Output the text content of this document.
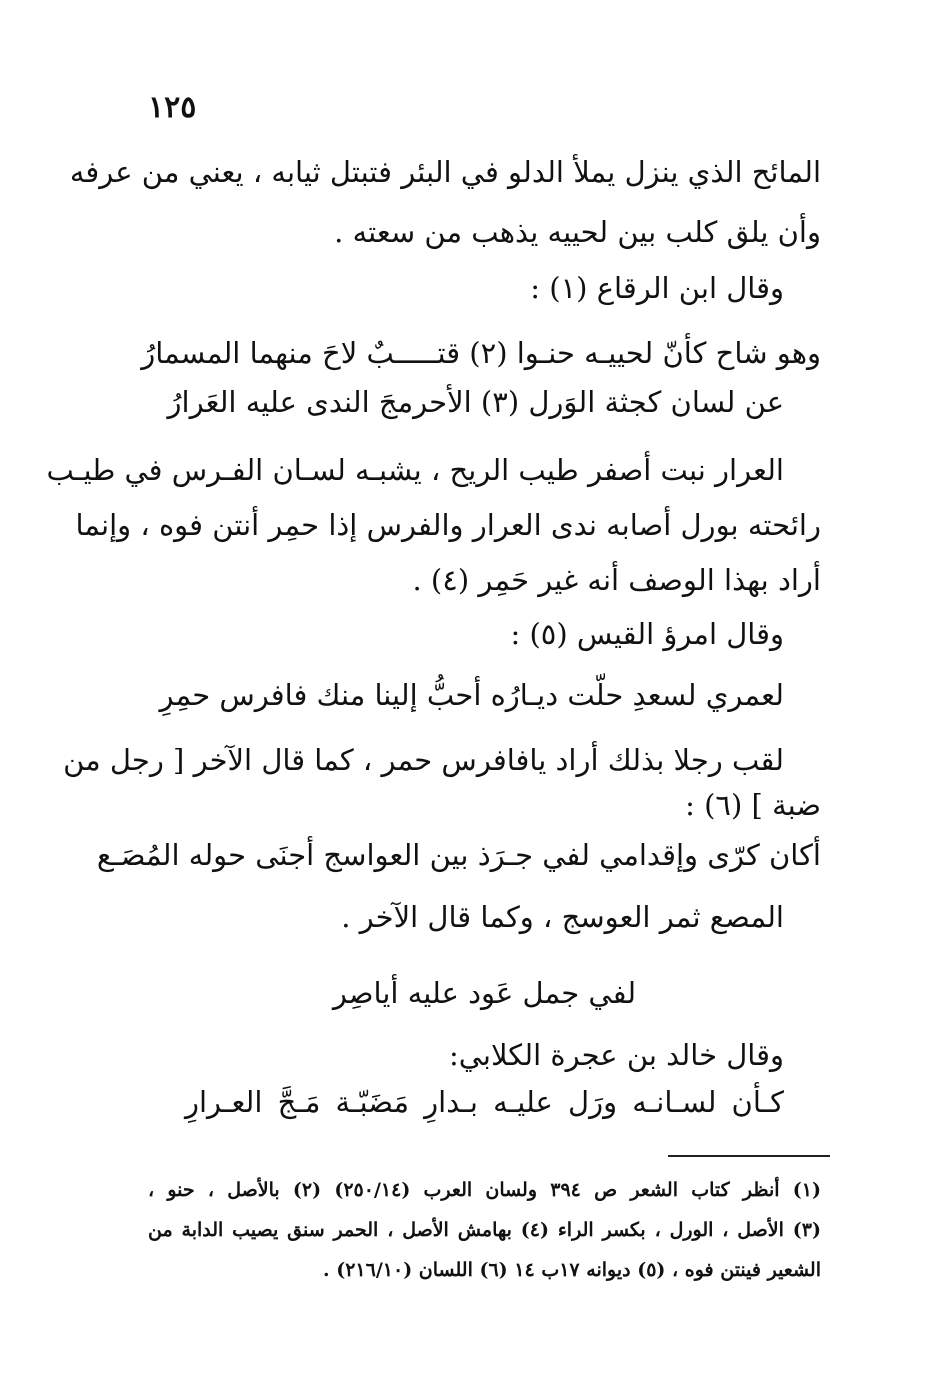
١٢٥
المائح الذي ينزل يملأ الدلو في البئر فتبتل ثيابه ، يعني من عرفه
وأن يلق كلب بين لحييه يذهب من سعته .
وقال ابن الرقاع (١) :
وهو شاح كأنّ لحييـه حنـوا (٢) قتـــــبٌ لاحَ منهما المسمارُ
عن لسان كجثة الوَرل (٣) الأحرمجَ الندى عليه العَرارُ
العرار نبت أصفر طيب الريح ، يشبـه لسـان الفـرس في طيـب
رائحته بورل أصابه ندى العرار والفرس إذا حمِر أنتن فوه ، وإنما
أراد بهذا الوصف أنه غير حَمِر (٤) .
وقال امرؤ القيس (٥) :
لعمري لسعدِ حلّت ديـارُه أحبُّ إلينا منك فافرس حمِرِ
لقب رجلا بذلك أراد يافافرس حمر ، كما قال الآخر [ رجل من
ضبة ] (٦) :
أكان كرّى وإقدامي لفي جـرَذ بين العواسج أجنَى حوله المُصَـع
المصع ثمر العوسج ، وكما قال الآخر .
لفي جمل عَود عليه أياصِر
وقال خالد بن عجرة الكلابي:
كـأن لسـانـه ورَل عليـه بـدارِ مَضَبّـة مَـجَّ العـرارِ
(١) أنظر كتاب الشعر ص ٣٩٤ ولسان العرب (٢٥٠/١٤) (٢) بالأصل ، حنو ،
(٣) الأصل ، الورل ، بكسر الراء (٤) بهامش الأصل ، الحمر سنق يصيب الدابة من
الشعير فينتن فوه ، (٥) ديوانه ١٧ب ١٤ (٦) اللسان (٢١٦/١٠) .
